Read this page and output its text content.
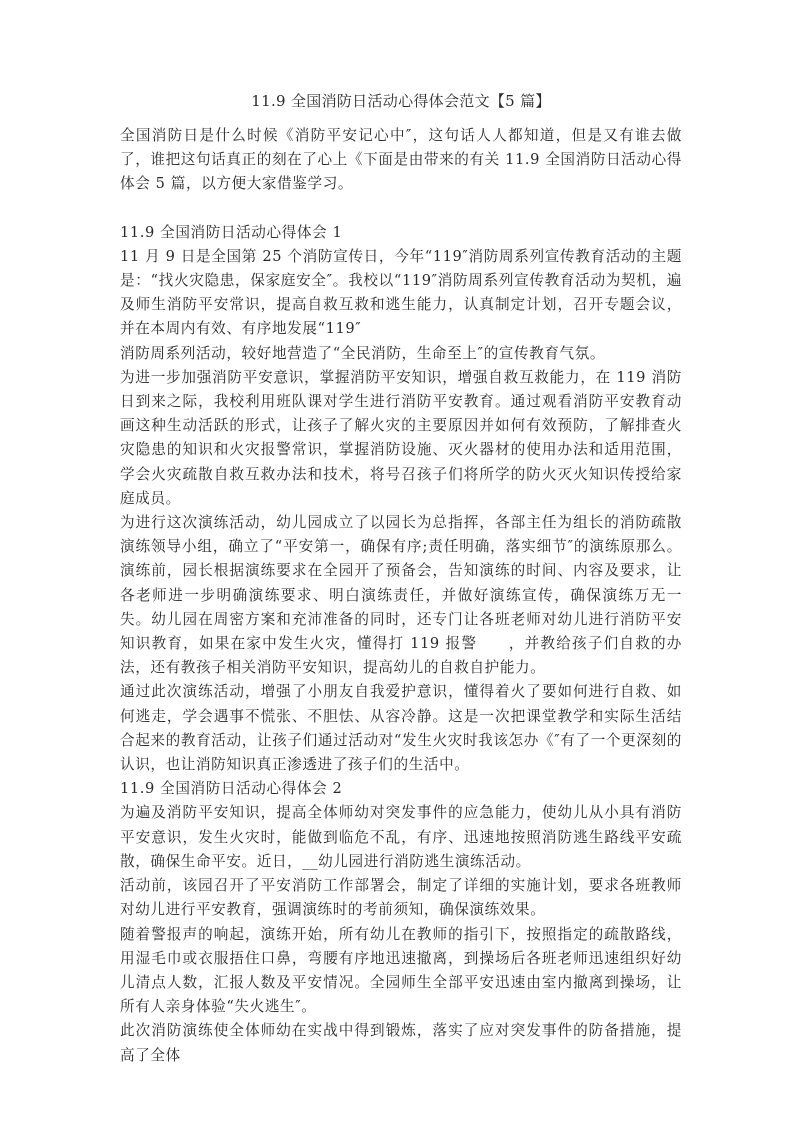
11.9 全国消防日活动心得体会范文【5 篇】

全国消防日是什么时候《消防平安记心中″，这句话人人都知道，但是又有谁去做了，谁把这句话真正的刻在了心上《下面是由带来的有关 11.9 全国消防日活动心得体会 5 篇，以方便大家借鉴学习。

11.9 全国消防日活动心得体会 1

11 月 9 日是全国第 25 个消防宣传日，今年“119″消防周系列宣传教育活动的主题是：“找火灾隐患，保家庭安全″。我校以“119″消防周系列宣传教育活动为契机，遍及师生消防平安常识，提高自救互救和逃生能力，认真制定计划，召开专题会议，并在本周内有效、有序地发展“119″

消防周系列活动，较好地营造了“全民消防，生命至上″的宣传教育气氛。

为进一步加强消防平安意识，掌握消防平安知识，增强自救互救能力，在 119 消防日到来之际，我校利用班队课对学生进行消防平安教育。通过观看消防平安教育动画这种生动活跃的形式，让孩子了解火灾的主要原因并如何有效预防，了解排查火灾隐患的知识和火灾报警常识，掌握消防设施、灭火器材的使用办法和适用范围，学会火灾疏散自救互救办法和技术，将号召孩子们将所学的防火灭火知识传授给家庭成员。

为进行这次演练活动，幼儿园成立了以园长为总指挥，各部主任为组长的消防疏散演练领导小组，确立了“平安第一，确保有序;责任明确，落实细节″的演练原那么。演练前，园长根据演练要求在全园开了预备会，告知演练的时间、内容及要求，让各老师进一步明确演练要求、明白演练责任，并做好演练宣传，确保演练万无一失。幼儿园在周密方案和充沛准备的同时，还专门让各班老师对幼儿进行消防平安知识教育，如果在家中发生火灾，懂得打 119 报警　　，并教给孩子们自救的办法，还有教孩子相关消防平安知识，提高幼儿的自救自护能力。

通过此次演练活动，增强了小朋友自我爱护意识，懂得着火了要如何进行自救、如何逃走，学会遇事不慌张、不胆怯、从容冷静。这是一次把课堂教学和实际生活结合起来的教育活动，让孩子们通过活动对“发生火灾时我该怎办《″有了一个更深刻的认识，也让消防知识真正渗透进了孩子们的生活中。

11.9 全国消防日活动心得体会 2

为遍及消防平安知识，提高全体师幼对突发事件的应急能力，使幼儿从小具有消防平安意识，发生火灾时，能做到临危不乱，有序、迅速地按照消防逃生路线平安疏散，确保生命平安。近日，__幼儿园进行消防逃生演练活动。

活动前，该园召开了平安消防工作部署会，制定了详细的实施计划，要求各班教师对幼儿进行平安教育，强调演练时的考前须知，确保演练效果。

随着警报声的响起，演练开始，所有幼儿在教师的指引下，按照指定的疏散路线，用湿毛巾或衣服捂住口鼻，弯腰有序地迅速撤离，到操场后各班老师迅速组织好幼儿清点人数，汇报人数及平安情况。全园师生全部平安迅速由室内撤离到操场，让所有人亲身体验“失火逃生″。

此次消防演练使全体师幼在实战中得到锻炼，落实了应对突发事件的防备措施，提高了全体
